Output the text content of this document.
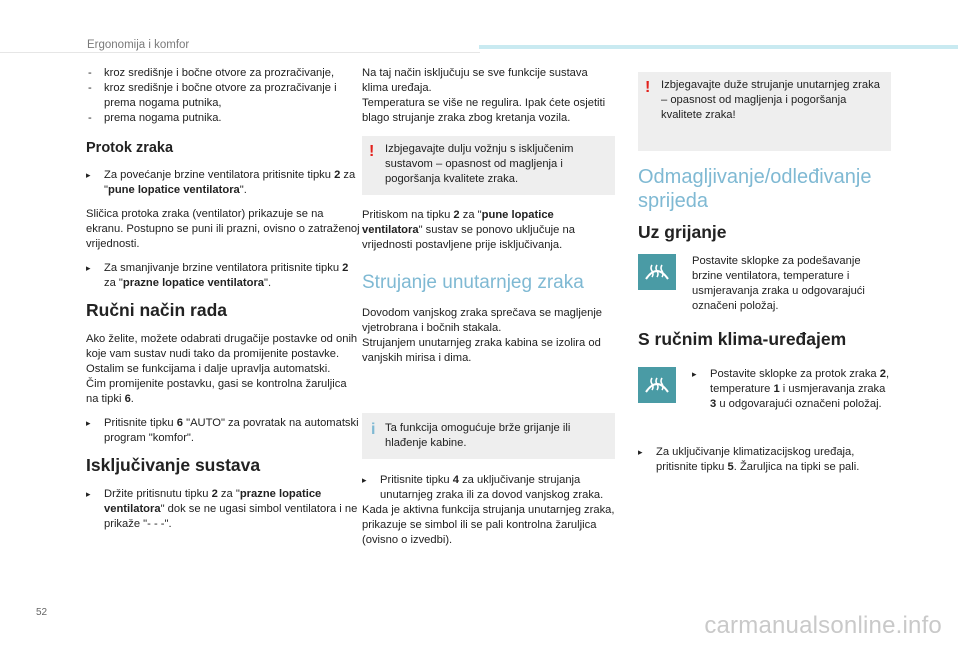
Ergonomija i komfor
- kroz središnje i bočne otvore za prozračivanje,
- kroz središnje i bočne otvore za prozračivanje i prema nogama putnika,
- prema nogama putnika.
Protok zraka
▸ Za povećanje brzine ventilatora pritisnite tipku 2 za "pune lopatice ventilatora".

Sličica protoka zraka (ventilator) prikazuje se na ekranu. Postupno se puni ili prazni, ovisno o zatraženoj vrijednosti.

▸ Za smanjivanje brzine ventilatora pritisnite tipku 2 za "prazne lopatice ventilatora".
Ručni način rada

Ako želite, možete odabrati drugačije postavke od onih koje vam sustav nudi tako da promijenite postavke. Ostalim se funkcijama i dalje upravlja automatski.

Čim promijenite postavku, gasi se kontrolna žaruljica na tipki 6.

▸ Pritisnite tipku 6 "AUTO" za povratak na automatski program "komfor".
Isključivanje sustava
▸ Držite pritisnutu tipku 2 za "prazne lopatice ventilatora" dok se ne ugasi simbol ventilatora i ne prikaže "- - -".

Na taj način isključuju se sve funkcije sustava klima uređaja.

Temperatura se više ne regulira. Ipak ćete osjetiti blago strujanje zraka zbog kretanja vozila.

! Izbjegavajte dulju vožnju s isključenim sustavom – opasnost od magljenja i pogoršanja kvalitete zraka.

Pritiskom na tipku 2 za "pune lopatice ventilatora" sustav se ponovo uključuje na vrijednosti postavljene prije isključivanja.

Strujanje unutarnjeg zraka

Dovodom vanjskog zraka sprečava se magljenje vjetrobrana i bočnih stakala.

Strujanjem unutarnjeg zraka kabina se izolira od vanjskih mirisa i dima.

i Ta funkcija omogućuje brže grijanje ili hlađenje kabine.
▸ Pritisnite tipku 4 za uključivanje strujanja unutarnjeg zraka ili za dovod vanjskog zraka.

Kada je aktivna funkcija strujanja unutarnjeg zraka, prikazuje se simbol ili se pali kontrolna žaruljica (ovisno o izvedbi).

! Izbjegavajte duže strujanje unutarnjeg zraka – opasnost od magljenja i pogoršanja kvalitete zraka!
Odmagljivanje/odleđivanje sprijeda
Uz grijanje
Postavite sklopke za podešavanje brzine ventilatora, temperature i usmjeravanja zraka u odgovarajući označeni položaj.
S ručnim klima-uređajem
▸ Postavite sklopke za protok zraka 2, temperature 1 i usmjeravanja zraka 3 u odgovarajući označeni položaj.
▸ Za uključivanje klimatizacijskog uređaja, pritisnite tipku 5. Žaruljica na tipki se pali.
52	carmanualsonline.info
